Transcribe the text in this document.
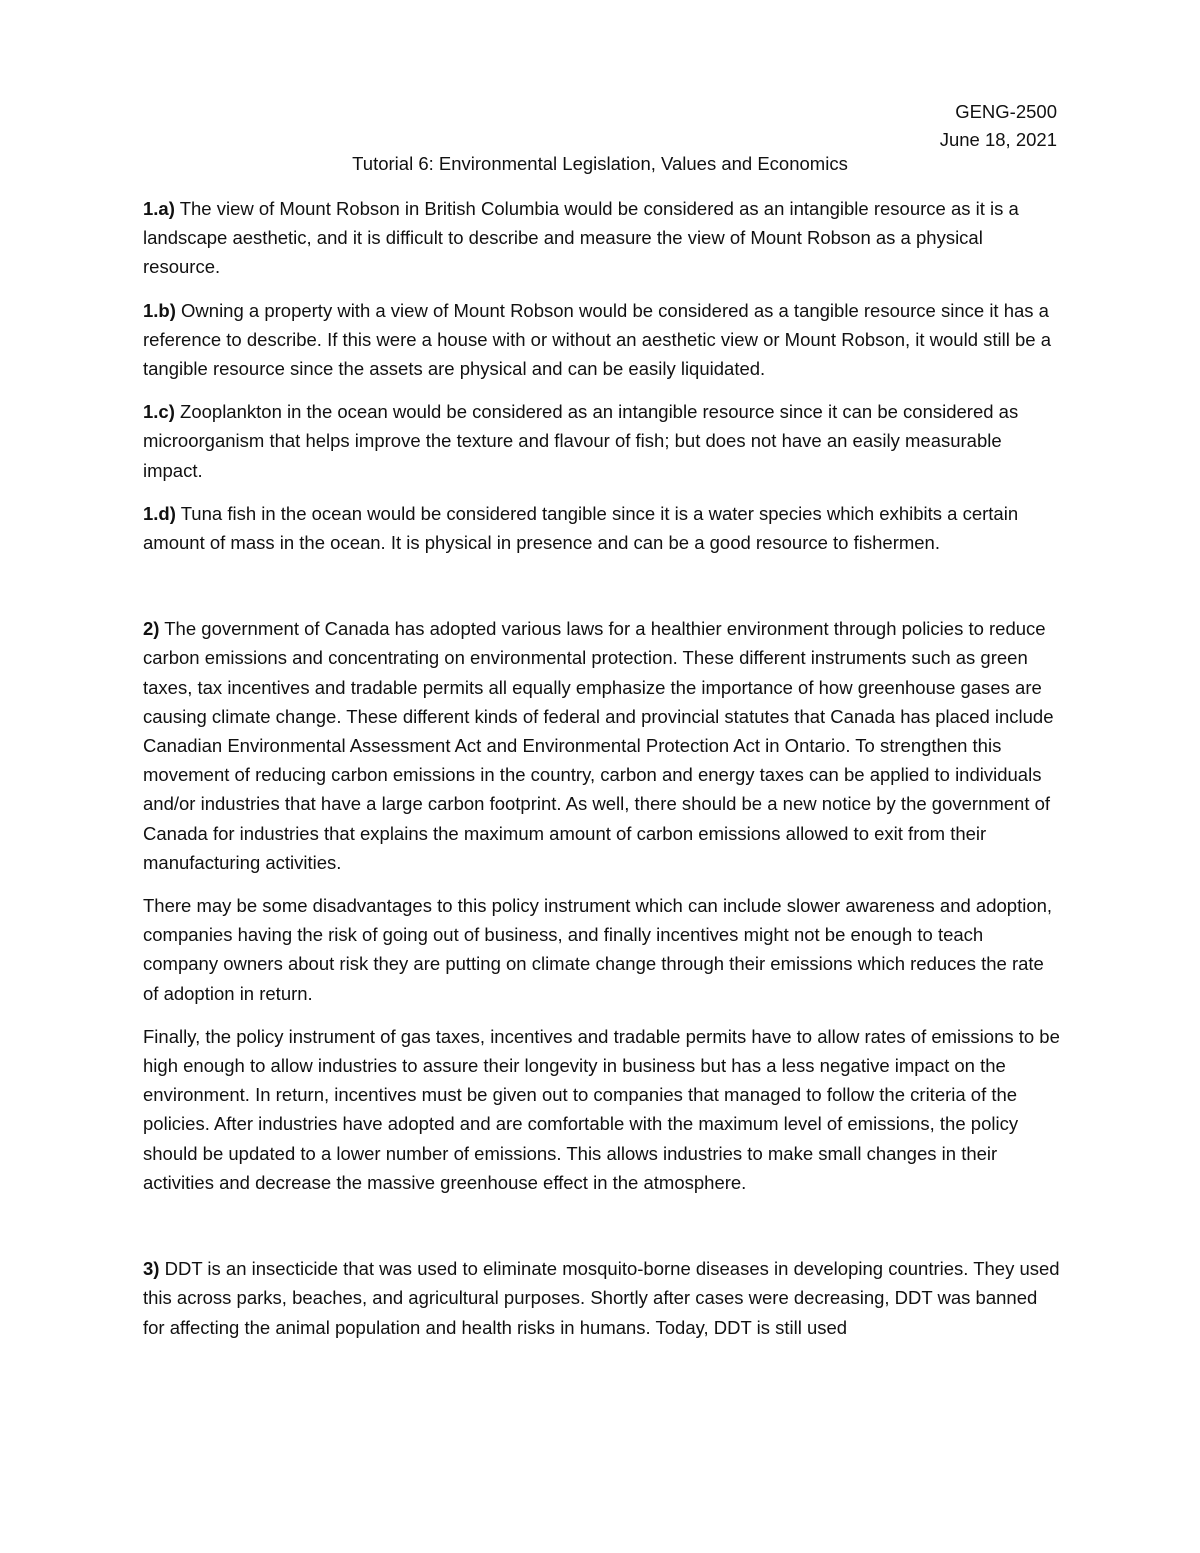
GENG-2500
June 18, 2021
Tutorial 6: Environmental Legislation, Values and Economics

1.a) The view of Mount Robson in British Columbia would be considered as an intangible resource as it is a landscape aesthetic, and it is difficult to describe and measure the view of Mount Robson as a physical resource.

1.b) Owning a property with a view of Mount Robson would be considered as a tangible resource since it has a reference to describe. If this were a house with or without an aesthetic view or Mount Robson, it would still be a tangible resource since the assets are physical and can be easily liquidated.

1.c) Zooplankton in the ocean would be considered as an intangible resource since it can be considered as microorganism that helps improve the texture and flavour of fish; but does not have an easily measurable impact.

1.d) Tuna fish in the ocean would be considered tangible since it is a water species which exhibits a certain amount of mass in the ocean. It is physical in presence and can be a good resource to fishermen.

2) The government of Canada has adopted various laws for a healthier environment through policies to reduce carbon emissions and concentrating on environmental protection. These different instruments such as green taxes, tax incentives and tradable permits all equally emphasize the importance of how greenhouse gases are causing climate change. These different kinds of federal and provincial statutes that Canada has placed include Canadian Environmental Assessment Act and Environmental Protection Act in Ontario. To strengthen this movement of reducing carbon emissions in the country, carbon and energy taxes can be applied to individuals and/or industries that have a large carbon footprint. As well, there should be a new notice by the government of Canada for industries that explains the maximum amount of carbon emissions allowed to exit from their manufacturing activities.

There may be some disadvantages to this policy instrument which can include slower awareness and adoption, companies having the risk of going out of business, and finally incentives might not be enough to teach company owners about risk they are putting on climate change through their emissions which reduces the rate of adoption in return.

Finally, the policy instrument of gas taxes, incentives and tradable permits have to allow rates of emissions to be high enough to allow industries to assure their longevity in business but has a less negative impact on the environment. In return, incentives must be given out to companies that managed to follow the criteria of the policies. After industries have adopted and are comfortable with the maximum level of emissions, the policy should be updated to a lower number of emissions. This allows industries to make small changes in their activities and decrease the massive greenhouse effect in the atmosphere.

3) DDT is an insecticide that was used to eliminate mosquito-borne diseases in developing countries. They used this across parks, beaches, and agricultural purposes. Shortly after cases were decreasing, DDT was banned for affecting the animal population and health risks in humans. Today, DDT is still used
